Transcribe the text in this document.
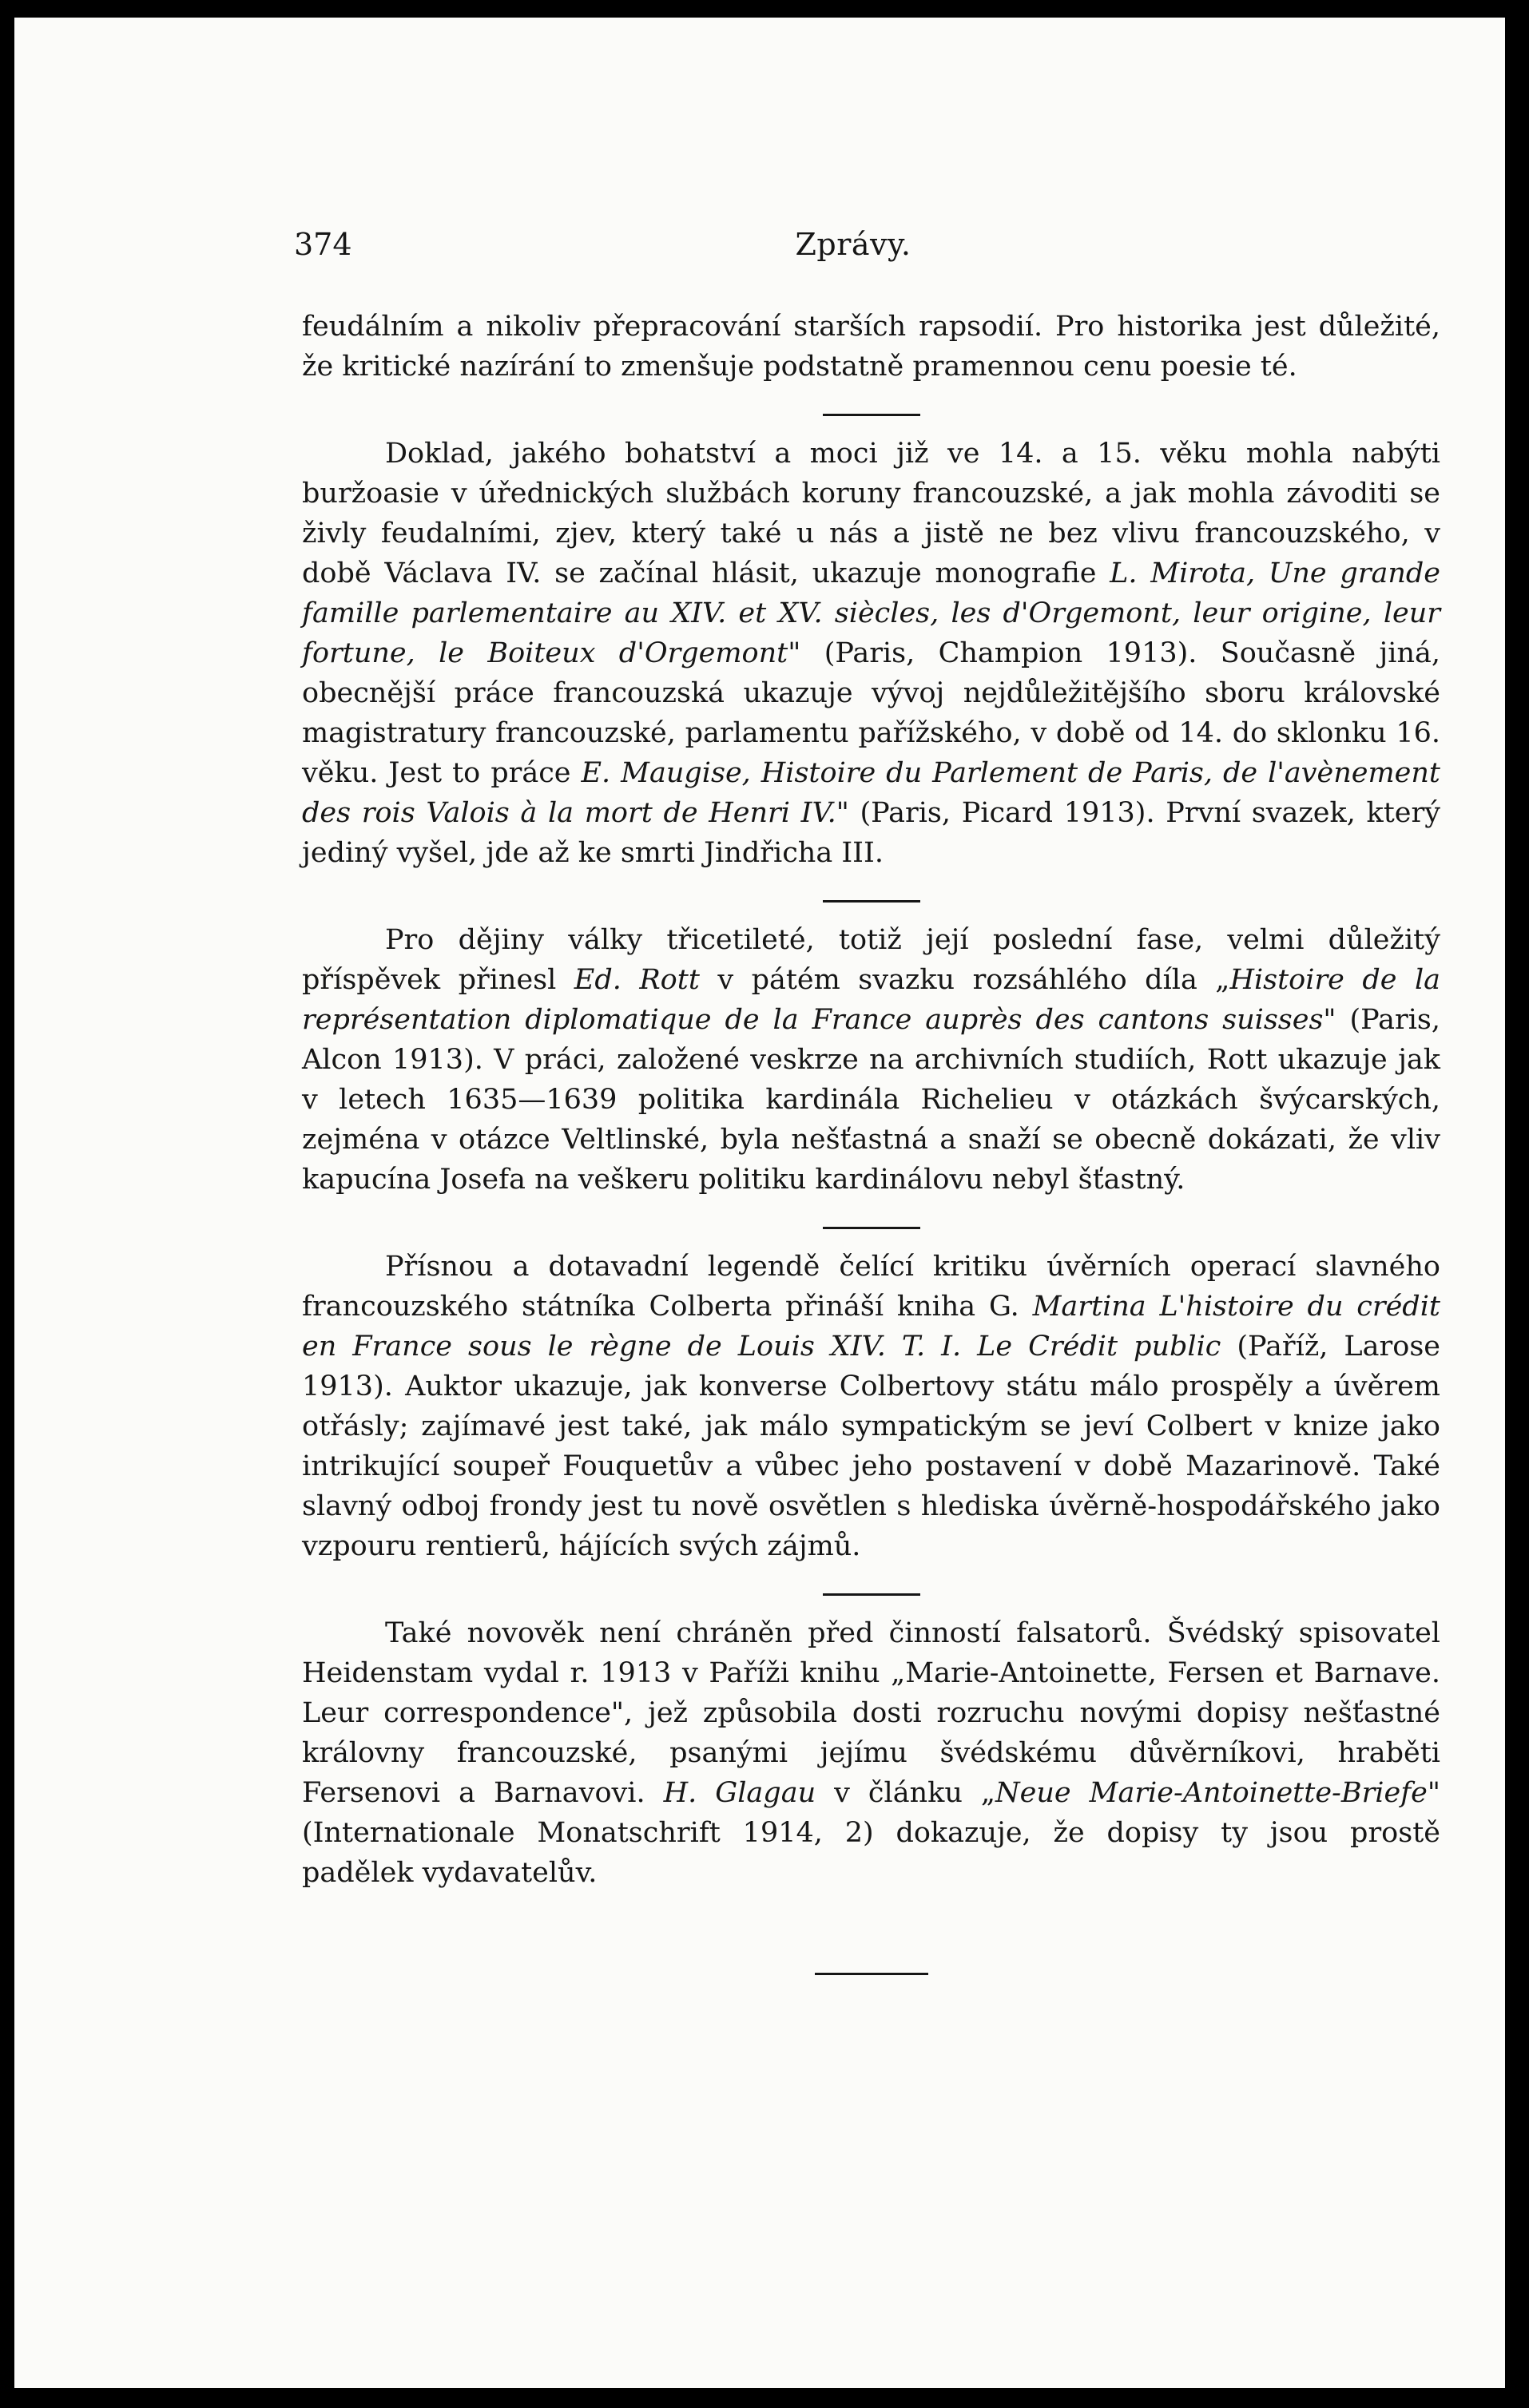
374	Zprávy.

feudálním a nikoliv přepracování starších rapsodií. Pro historika jest důležité, že kritické nazírání to zmenšuje podstatně pramennou cenu poesie té.

Doklad, jakého bohatství a moci již ve 14. a 15. věku mohla nabýti buržoasie v úřednických službách koruny francouzské, a jak mohla závoditi se živly feudalními, zjev, který také u nás a jistě ne bez vlivu francouzského, v době Václava IV. se začínal hlásit, ukazuje monografie L. Mirota, Une grande famille parlementaire au XIV. et XV. siècles, les d'Orgemont, leur origine, leur fortune, le Boiteux d'Orgemont" (Paris, Champion 1913). Současně jiná, obecnější práce francouzská ukazuje vývoj nejdůležitějšího sboru královské magistratury francouzské, parlamentu pařížského, v době od 14. do sklonku 16. věku. Jest to práce E. Maugise, Histoire du Parlement de Paris, de l'avènement des rois Valois à la mort de Henri IV." (Paris, Picard 1913). První svazek, který jediný vyšel, jde až ke smrti Jindřicha III.

Pro dějiny války třicetileté, totiž její poslední fase, velmi důležitý příspěvek přinesl Ed. Rott v pátém svazku rozsáhlého díla „Histoire de la représentation diplomatique de la France auprès des cantons suisses" (Paris, Alcon 1913). V práci, založené veskrze na archivních studiích, Rott ukazuje jak v letech 1635—1639 politika kardinála Richelieu v otázkách švýcarských, zejména v otázce Veltlinské, byla nešťastná a snaží se obecně dokázati, že vliv kapucína Josefa na veškeru politiku kardinálovu nebyl šťastný.

Přísnou a dotavadní legendě čelící kritiku úvěrních operací slavného francouzského státníka Colberta přináší kniha G. Martina L'histoire du crédit en France sous le règne de Louis XIV. T. I. Le Crédit public (Paříž, Larose 1913). Auktor ukazuje, jak konverse Colbertovy státu málo prospěly a úvěrem otřásly; zajímavé jest také, jak málo sympatickým se jeví Colbert v knize jako intrikující soupeř Fouquetův a vůbec jeho postavení v době Mazarinově. Také slavný odboj frondy jest tu nově osvětlen s hlediska úvěrně-hospodářského jako vzpouru rentierů, hájících svých zájmů.

Také novověk není chráněn před činností falsatorů. Švédský spisovatel Heidenstam vydal r. 1913 v Paříži knihu „Marie-Antoinette, Fersen et Barnave. Leur correspondence", jež způsobila dosti rozruchu novými dopisy nešťastné královny francouzské, psanými jejímu švédskému důvěrníkovi, hraběti Fersenovi a Barnavovi. H. Glagau v článku „Neue Marie-Antoinette-Briefe" (Internationale Monatschrift 1914, 2) dokazuje, že dopisy ty jsou prostě padělek vydavatelův.
